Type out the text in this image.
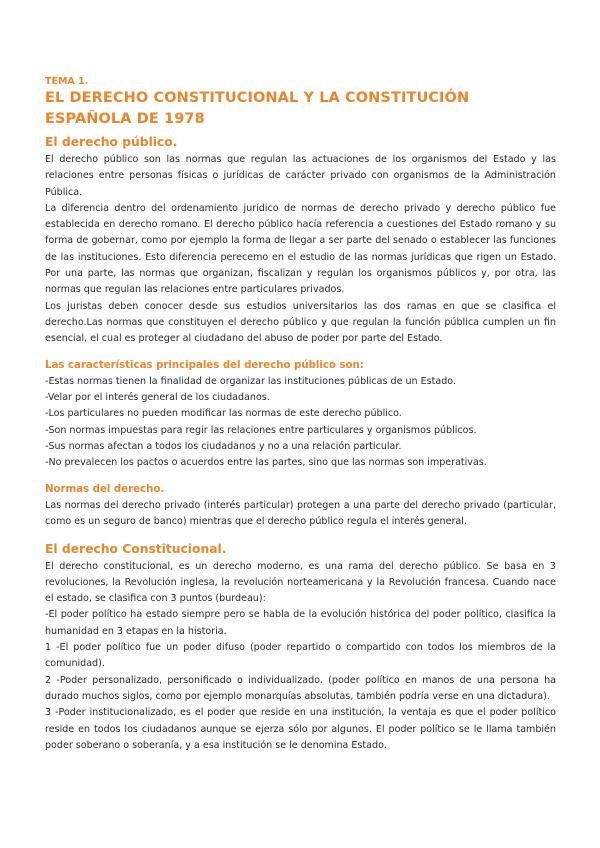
TEMA 1.

EL DERECHO CONSTITUCIONAL Y LA CONSTITUCIÓN ESPAÑOLA DE 1978
El derecho público.

El derecho público son las normas que regulan las actuaciones de los organismos del Estado y las relaciones entre personas físicas o jurídicas de carácter privado con organismos de la Administración Pública.

La diferencia dentro del ordenamiento jurídico de normas de derecho privado y derecho público fue establecida en derecho romano. El derecho público hacía referencia a cuestiones del Estado romano y su forma de gobernar, como por ejemplo la forma de llegar a ser parte del senado o establecer las funciones de las instituciones. Esto diferencia perecemo en el estudio de las normas jurídicas que rigen un Estado. Por una parte, las normas que organizan, fiscalizan y regulan los organismos públicos y, por otra, las normas que regulan las relaciones entre particulares privados.

Los juristas deben conocer desde sus estudios universitarios las dos ramas en que se clasifica el derecho.Las normas que constituyen el derecho público y que regulan la función pública cumplen un fin esencial, el cual es proteger al ciudadano del abuso de poder por parte del Estado.

Las características principales del derecho público son:

-Estas normas tienen la finalidad de organizar las instituciones públicas de un Estado.

-Velar por el interés general de los ciudadanos.

-Los particulares no pueden modificar las normas de este derecho público.

-Son normas impuestas para regir las relaciones entre particulares y organismos públicos.

-Sus normas afectan a todos los ciudadanos y no a una relación particular.

-No prevalecen los pactos o acuerdos entre las partes, sino que las normas son imperativas.

Normas del derecho.

Las normas del derecho privado (interés particular) protegen a una parte del derecho privado (particular, como es un seguro de banco) mientras que el derecho público regula el interés general.

El derecho Constitucional.

El derecho constitucional, es un derecho moderno, es una rama del derecho público. Se basa en 3 revoluciones, la Revolución inglesa, la revolución norteamericana y la Revolución francesa. Cuando nace el estado, se clasifica con 3 puntos (burdeau):

-El poder político ha estado siempre pero se habla de la evolución histórica del poder político, clasifica la humanidad en 3 etapas en la historia.

1 -El poder político fue un poder difuso (poder repartido o compartido con todos los miembros de la comunidad).

2 -Poder personalizado, personificado o individualizado. (poder político en manos de una persona ha durado muchos siglos, como por ejemplo monarquías absolutas, también podría verse en una dictadura).

3 -Poder institucionalizado, es el poder que reside en una institución, la ventaja es que el poder político reside en todos los ciudadanos aunque se ejerza sólo por algunos. El poder político se le llama también poder soberano o soberanía, y a esa institución se le denomina Estado.
